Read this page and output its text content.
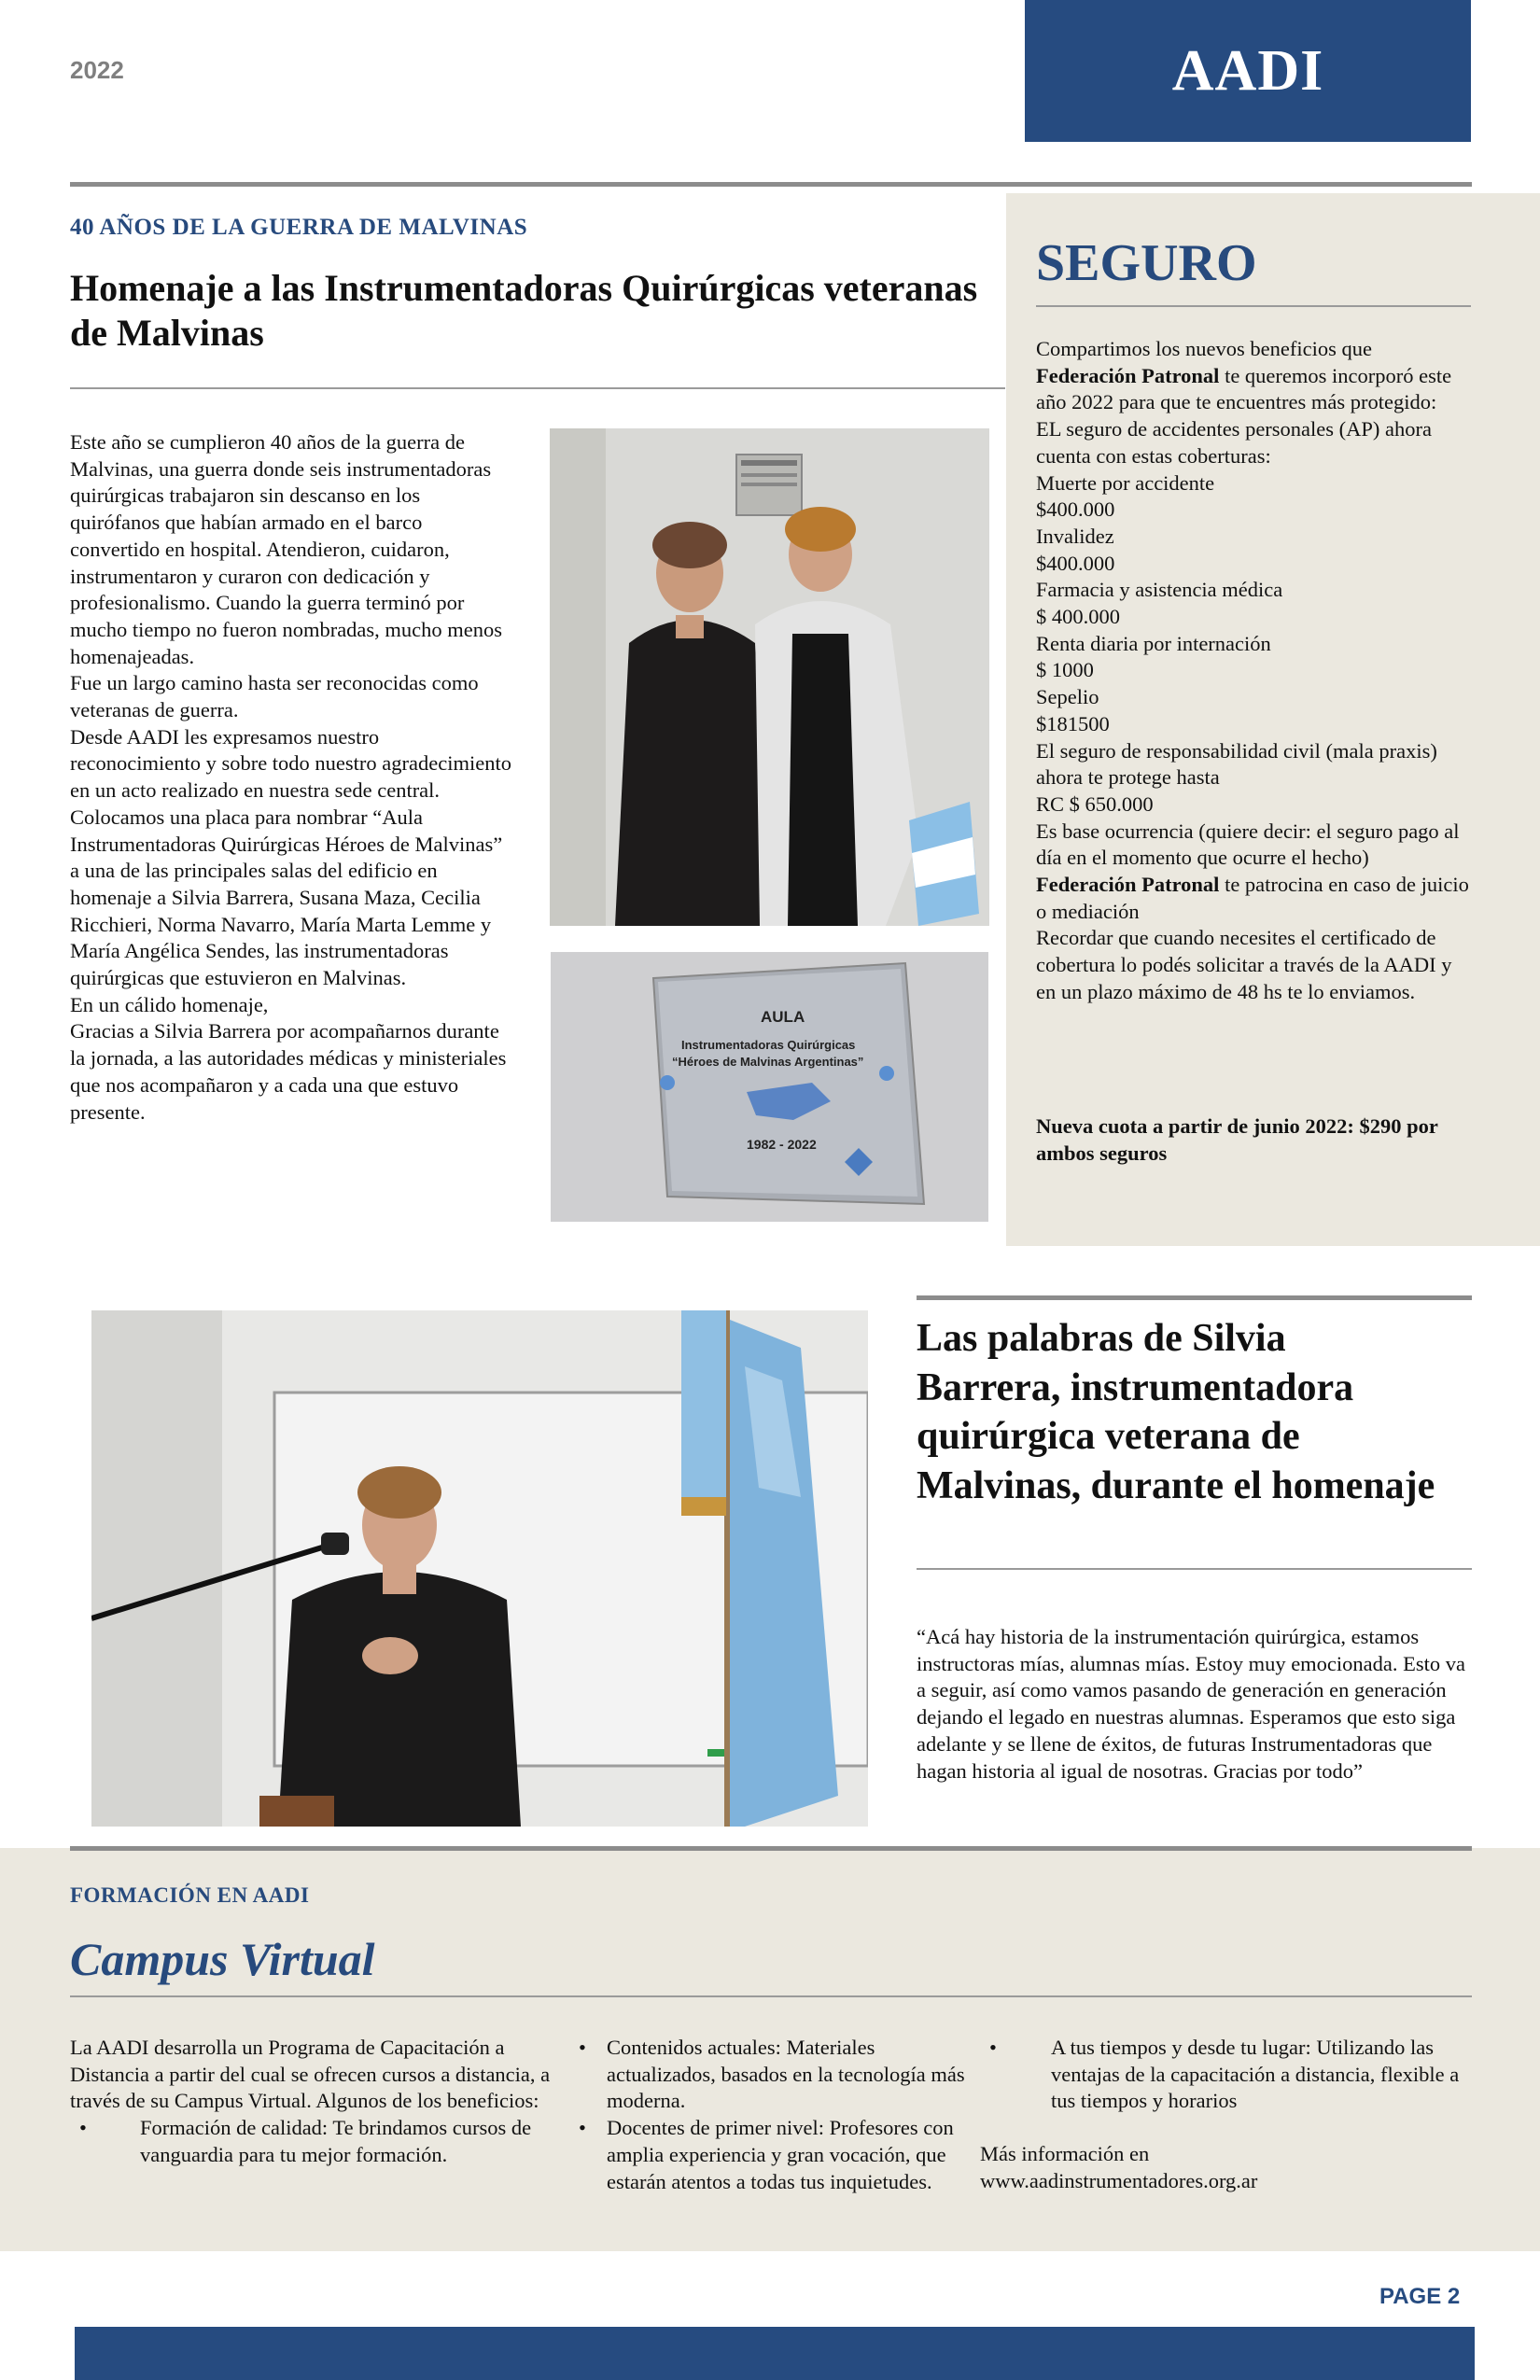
2022	AADI
40 AÑOS DE LA GUERRA DE MALVINAS
Homenaje a las Instrumentadoras Quirúrgicas veteranas de Malvinas

Este año se cumplieron 40 años de la guerra de Malvinas, una guerra donde seis instrumentadoras quirúrgicas trabajaron sin descanso en los quirófanos que habían armado en el barco convertido en hospital. Atendieron, cuidaron, instrumentaron y curaron con dedicación y profesionalismo. Cuando la guerra terminó por mucho tiempo no fueron nombradas, mucho menos homenajeadas.

Fue un largo camino hasta ser reconocidas como veteranas de guerra.

Desde AADI les expresamos nuestro reconocimiento y sobre todo nuestro agradecimiento en un acto realizado en nuestra sede central. Colocamos una placa para nombrar “Aula Instrumentadoras Quirúrgicas Héroes de Malvinas” a una de las principales salas del edificio en homenaje a Silvia Barrera, Susana Maza, Cecilia Ricchieri, Norma Navarro, María Marta Lemme y María Angélica Sendes, las instrumentadoras quirúrgicas que estuvieron en Malvinas.

En un cálido homenaje,

Gracias a Silvia Barrera por acompañarnos durante la jornada, a las autoridades médicas y ministeriales que nos acompañaron y a cada una que estuvo presente.

AULA
Instrumentadoras Quirúrgicas
“Héroes de Malvinas Argentinas”
1982 - 2022
SEGURO

Compartimos los nuevos beneficios que Federación Patronal te queremos incorporó este año 2022 para que te encuentres más protegido:

EL seguro de accidentes personales (AP) ahora cuenta con estas coberturas:

Muerte por accidente

$400.000

Invalidez

$400.000

Farmacia y asistencia médica

$ 400.000

Renta diaria por internación

$ 1000

Sepelio

$181500

El seguro de responsabilidad civil (mala praxis) ahora te protege hasta

RC $ 650.000

Es base ocurrencia (quiere decir: el seguro pago al día en el momento que ocurre el hecho)

Federación Patronal te patrocina en caso de juicio o mediación

Recordar que cuando necesites el certificado de cobertura lo podés solicitar a través de la AADI y en un plazo máximo de 48 hs te lo enviamos.

Nueva cuota a partir de junio 2022: $290 por ambos seguros
Las palabras de Silvia Barrera, instrumentadora quirúrgica veterana de Malvinas, durante el homenaje
“Acá hay historia de la instrumentación quirúrgica, estamos instructoras mías, alumnas mías. Estoy muy emocionada. Esto va a seguir, así como vamos pasando de generación en generación dejando el legado en nuestras alumnas. Esperamos que esto siga adelante y se llene de éxitos, de futuras Instrumentadoras que hagan historia al igual de nosotras. Gracias por todo”
FORMACIÓN EN AADI
Campus Virtual

La AADI desarrolla un Programa de Capacitación a Distancia a partir del cual se ofrecen cursos a distancia, a través de su Campus Virtual. Algunos de los beneficios:

• Formación de calidad: Te brindamos cursos de vanguardia para tu mejor formación.
• Contenidos actuales: Materiales actualizados, basados en la tecnología más moderna.
• Docentes de primer nivel: Profesores con amplia experiencia y gran vocación, que estarán atentos a todas tus inquietudes.
• A tus tiempos y desde tu lugar: Utilizando las ventajas de la capacitación a distancia, flexible a tus tiempos y horarios

Más información en

www.aadinstrumentadores.org.ar

PAGE 2
